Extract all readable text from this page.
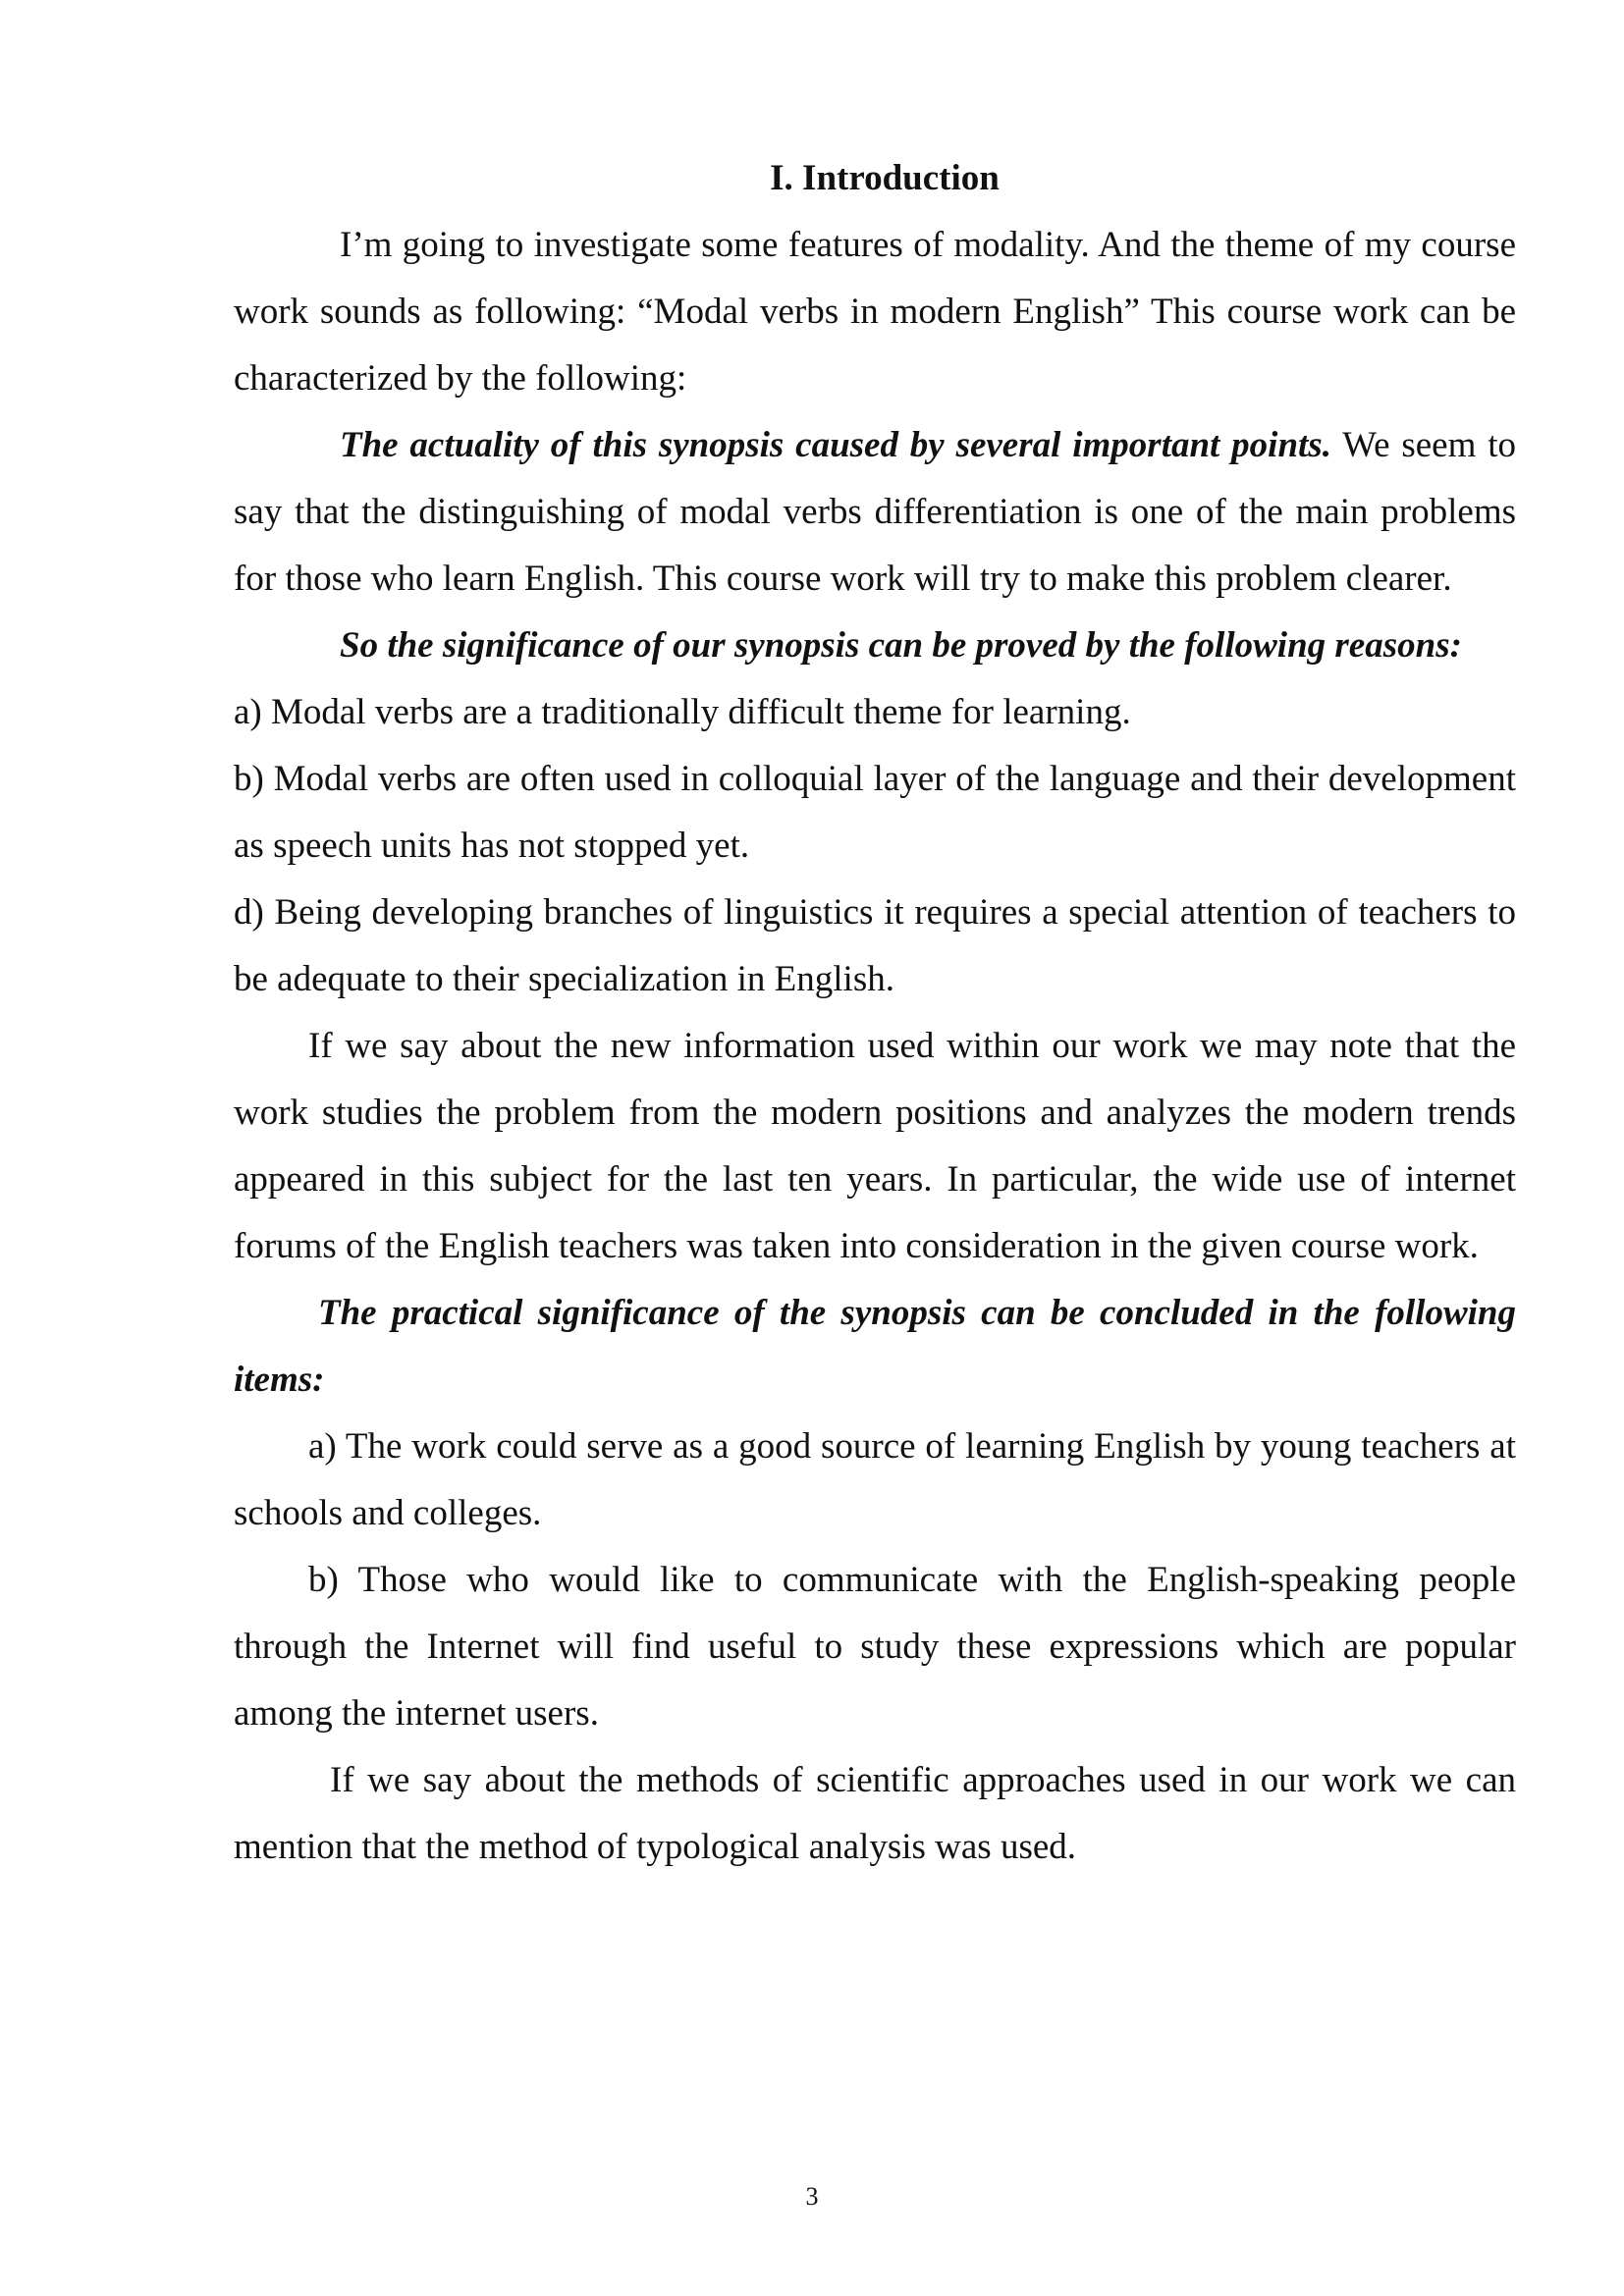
I. Introduction

I’m going to investigate some features of modality. And the theme of my course work sounds as following: “Modal verbs in modern English” This course work can be characterized by the following:

The actuality of this synopsis caused by several important points. We seem to say that the distinguishing of modal verbs differentiation is one of the main problems for those who learn English. This course work will try to make this problem clearer.

So the significance of our synopsis can be proved by the following reasons:

a) Modal verbs are a traditionally difficult theme for learning.

b) Modal verbs are often used in colloquial layer of the language and their development as speech units has not stopped yet.

d) Being developing branches of linguistics it requires a special attention of teachers to be adequate to their specialization in English.

If we say about the new information used within our work we may note that the work studies the problem from the modern positions and analyzes the modern trends appeared in this subject for the last ten years. In particular, the wide use of internet forums of the English teachers was taken into consideration in the given course work.

The practical significance of the synopsis can be concluded in the following items:

a) The work could serve as a good source of learning English by young teachers at schools and colleges.

b) Those who would like to communicate with the English-speaking people through the Internet will find useful to study these expressions which are popular among the internet users.

If we say about the methods of scientific approaches used in our work we can mention that the method of typological analysis was used.

3
